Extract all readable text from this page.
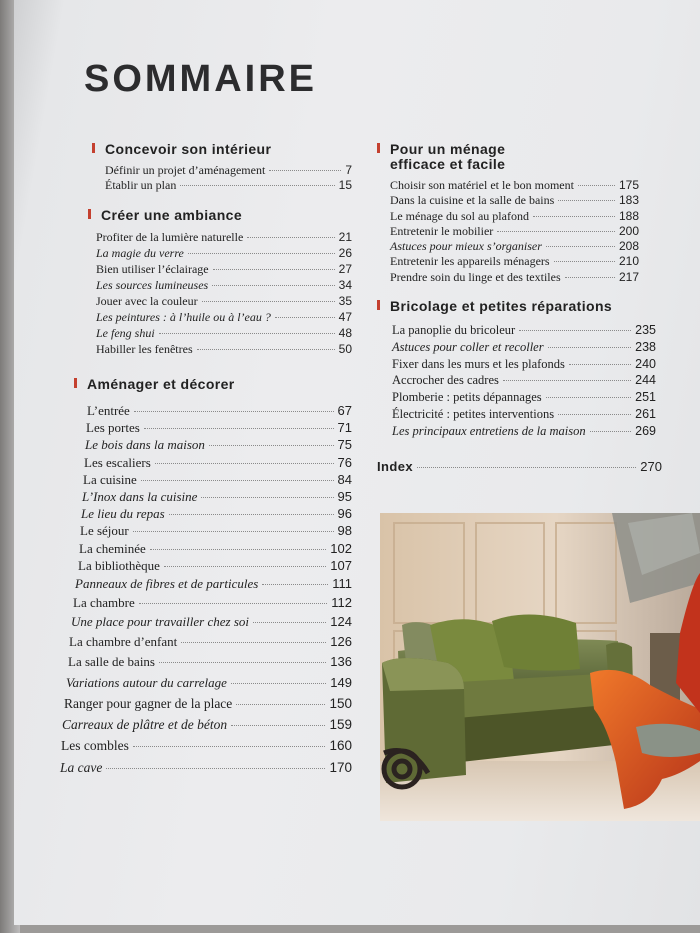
SOMMAIRE
Concevoir son intérieur
Définir un projet d’aménagement	7
Établir un plan	15
Créer une ambiance
Profiter de la lumière naturelle	21
La magie du verre	26
Bien utiliser l’éclairage	27
Les sources lumineuses	34
Jouer avec la couleur	35
Les peintures : à l’huile ou à l’eau ?	47
Le feng shui	48
Habiller les fenêtres	50
Aménager et décorer
L’entrée	67
Les portes	71
Le bois dans la maison	75
Les escaliers	76
La cuisine	84
L’Inox dans la cuisine	95
Le lieu du repas	96
Le séjour	98
La cheminée	102
La bibliothèque	107
Panneaux de fibres et de particules	111
La chambre	112
Une place pour travailler chez soi	124
La chambre d’enfant	126
La salle de bains	136
Variations autour du carrelage	149
Ranger pour gagner de la place	150
Carreaux de plâtre et de béton	159
Les combles	160
La cave	170
Pour un ménage
efficace et facile
Choisir son matériel et le bon moment	175
Dans la cuisine et la salle de bains	183
Le ménage du sol au plafond	188
Entretenir le mobilier	200
Astuces pour mieux s’organiser	208
Entretenir les appareils ménagers	210
Prendre soin du linge et des textiles	217
Bricolage et petites réparations
La panoplie du bricoleur	235
Astuces pour coller et recoller	238
Fixer dans les murs et les plafonds	240
Accrocher des cadres	244
Plomberie : petits dépannages	251
Électricité : petites interventions	261
Les principaux entretiens de la maison	269
Index	270
